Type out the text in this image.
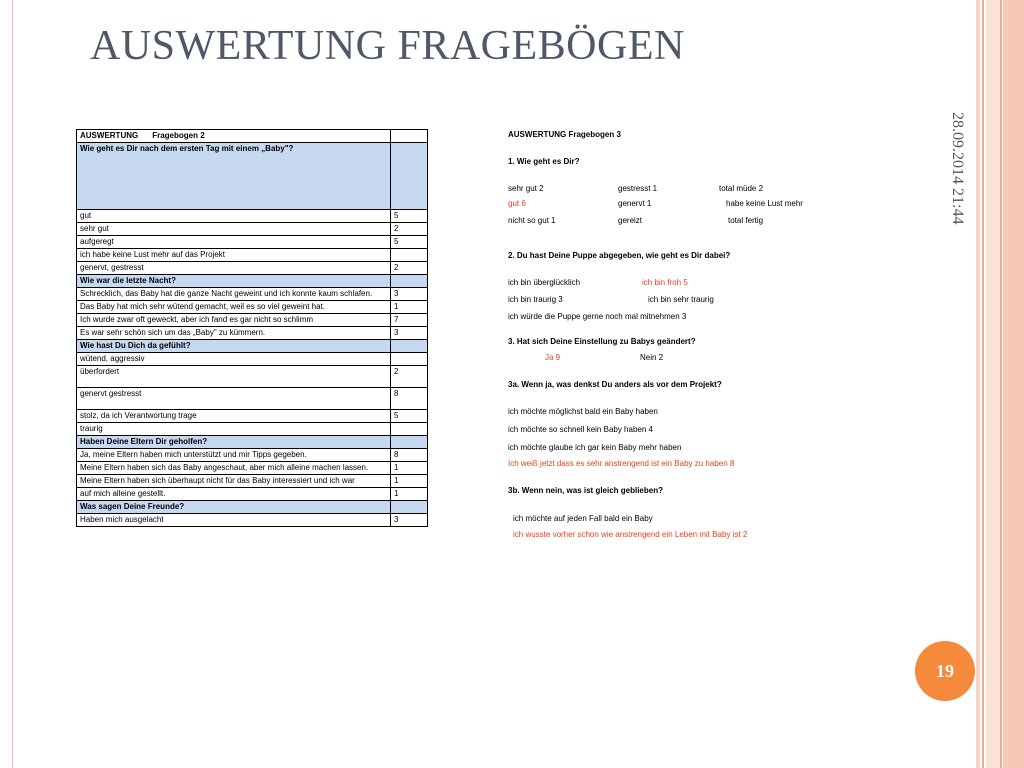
AUSWERTUNG FRAGEBÖGEN
28.09.2014 21:44
19
AUSWERTUNG Fragebogen 2	
Wie geht es Dir nach dem ersten Tag mit einem „Baby"?	
gut	5
sehr gut	2
aufgeregt	5
ich habe keine Lust mehr auf das Projekt	
genervt, gestresst	2
Wie war die letzte Nacht?	
Schrecklich, das Baby hat die ganze Nacht geweint und ich konnte kaum schlafen.	3
Das Baby hat mich sehr wütend gemacht, weil es so viel geweint hat.	1
Ich wurde zwar oft geweckt, aber ich fand es gar nicht so schlimm	7
Es war sehr schön sich um das „Baby" zu kümmern.	3
Wie hast Du Dich da gefühlt?	
wütend, aggressiv	
überfordert	2
genervt gestresst	8
stolz, da ich Verantwortung trage	5
traurig	
Haben Deine Eltern Dir geholfen?	
Ja, meine Eltern haben mich unterstützt und mir Tipps gegeben.	8
Meine Eltern haben sich das Baby angeschaut, aber mich alleine machen lassen.	1
Meine Eltern haben sich überhaupt nicht für das Baby interessiert und ich war	1
auf mich alleine gestellt.	1
Was sagen Deine Freunde?	
Haben mich ausgelacht	3
AUSWERTUNG Fragebogen 3
1. Wie geht es Dir?
sehr gut 2	gestresst 1	total müde 2
gut 6	genervt 1	habe keine Lust mehr
nicht so gut 1	gereizt	total fertig
2. Du hast Deine Puppe abgegeben, wie geht es Dir dabei?
ich bin überglücklich	ich bin froh 5
ich bin traurig 3	ich bin sehr traurig
ich würde die Puppe gerne noch mal mitnehmen 3
3. Hat sich Deine Einstellung zu Babys geändert?
Ja 9	Nein 2
3a. Wenn ja, was denkst Du anders als vor dem Projekt?
ich möchte möglichst bald ein Baby haben
ich möchte so schnell kein Baby haben 4
ich möchte glaube ich gar kein Baby mehr haben
Ich weiß jetzt dass es sehr anstrengend ist ein Baby zu haben 8
3b. Wenn nein, was ist gleich geblieben?
ich möchte auf jeden Fall bald ein Baby
ich wusste vorher schon wie anstrengend ein Leben mit Baby ist 2
